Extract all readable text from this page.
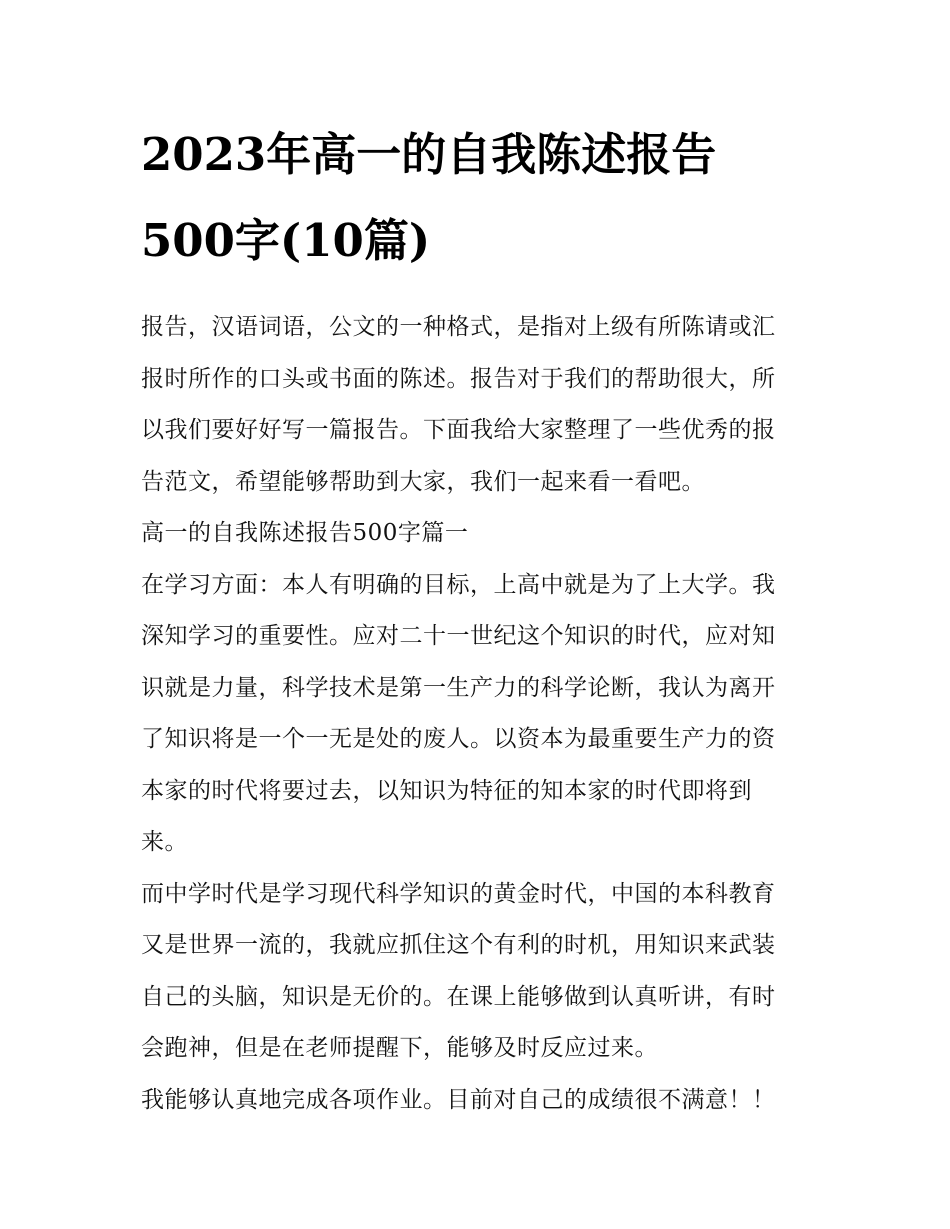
2023年高一的自我陈述报告
500字(10篇)

报告，汉语词语，公文的一种格式，是指对上级有所陈请或汇
报时所作的口头或书面的陈述。报告对于我们的帮助很大，所
以我们要好好写一篇报告。下面我给大家整理了一些优秀的报
告范文，希望能够帮助到大家，我们一起来看一看吧。

高一的自我陈述报告500字篇一

在学习方面：本人有明确的目标，上高中就是为了上大学。我
深知学习的重要性。应对二十一世纪这个知识的时代，应对知
识就是力量，科学技术是第一生产力的科学论断，我认为离开
了知识将是一个一无是处的废人。以资本为最重要生产力的资
本家的时代将要过去，以知识为特征的知本家的时代即将到
来。

而中学时代是学习现代科学知识的黄金时代，中国的本科教育
又是世界一流的，我就应抓住这个有利的时机，用知识来武装
自己的头脑，知识是无价的。在课上能够做到认真听讲，有时
会跑神，但是在老师提醒下，能够及时反应过来。

我能够认真地完成各项作业。目前对自己的成绩很不满意！！
